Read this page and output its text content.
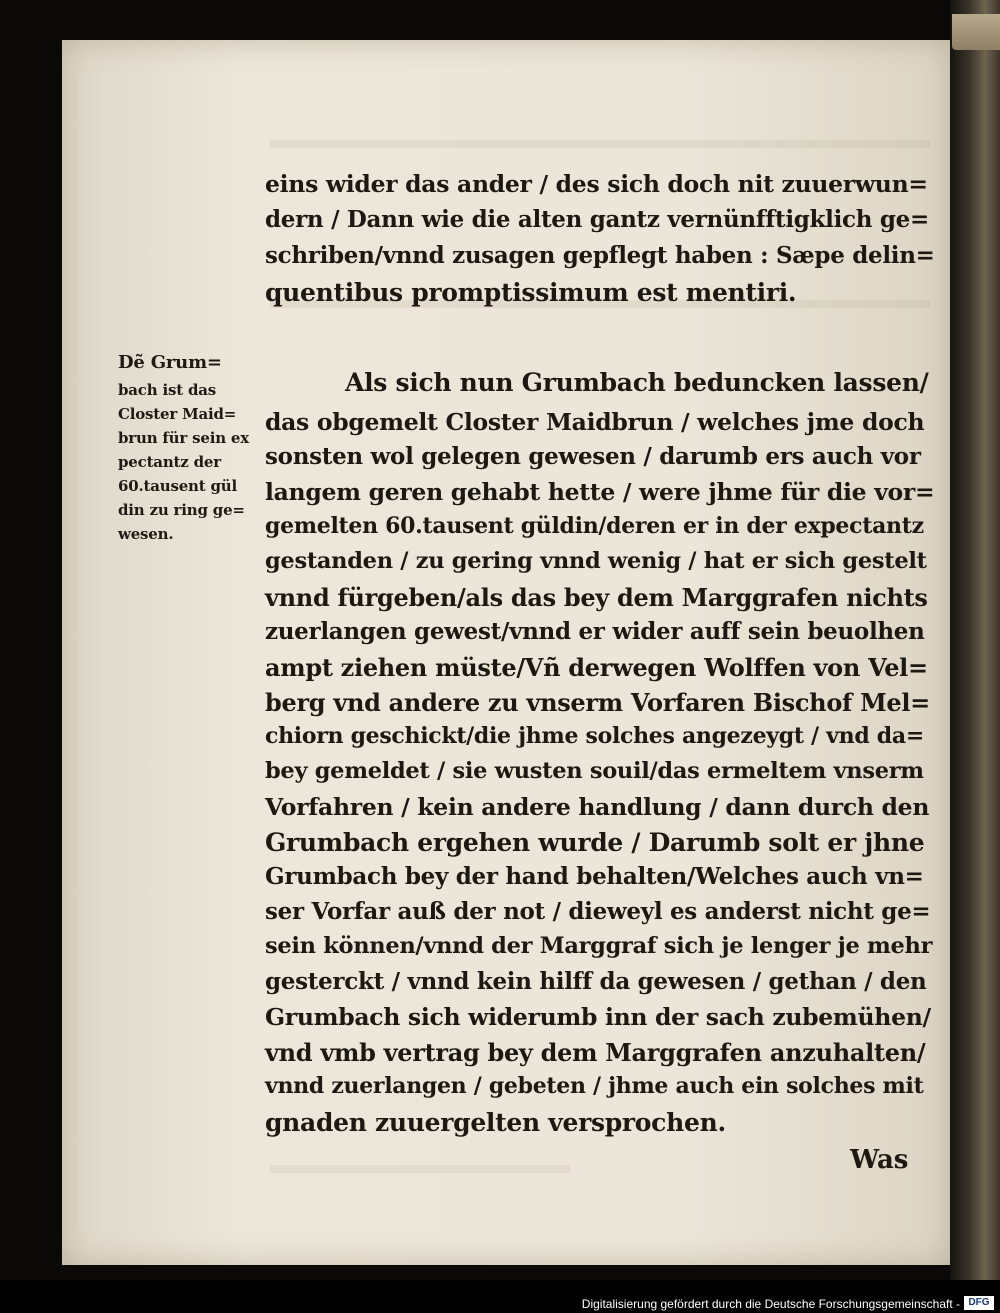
eins wider das ander / des sich doch nit zuuerwun=
dern / Dann wie die alten gantz vernünfftigklich ge=
schriben/vnnd zusagen gepflegt haben : Sæpe delin=
quentibus promptissimum est mentiri.
Als sich nun Grumbach beduncken lassen/
das obgemelt Closter Maidbrun / welches jme doch
sonsten wol gelegen gewesen / darumb ers auch vor
langem geren gehabt hette / were jhme für die vor=
gemelten 60.tausent güldin/deren er in der expectantz
gestanden / zu gering vnnd wenig / hat er sich gestelt
vnnd fürgeben/als das bey dem Marggrafen nichts
zuerlangen gewest/vnnd er wider auff sein beuolhen
ampt ziehen müste/Vñ derwegen Wolffen von Vel=
berg vnd andere zu vnserm Vorfaren Bischof Mel=
chiorn geschickt/die jhme solches angezeygt / vnd da=
bey gemeldet / sie wusten souil/das ermeltem vnserm
Vorfahren / kein andere handlung / dann durch den
Grumbach ergehen wurde / Darumb solt er jhne
Grumbach bey der hand behalten/Welches auch vn=
ser Vorfar auß der not / dieweyl es anderst nicht ge=
sein können/vnnd der Marggraf sich je lenger je mehr
gesterckt / vnnd kein hilff da gewesen / gethan / den
Grumbach sich widerumb inn der sach zubemühen/
vnd vmb vertrag bey dem Marggrafen anzuhalten/
vnnd zuerlangen / gebeten / jhme auch ein solches mit
gnaden zuuergelten versprochen.
Dẽ Grum=
bach ist das
Closter Maid=
brun für sein ex
pectantz der
60.tausent gül
din zu ring ge=
wesen.
Was
Digitalisierung gefördert durch die Deutsche Forschungsgemeinschaft - DFG
